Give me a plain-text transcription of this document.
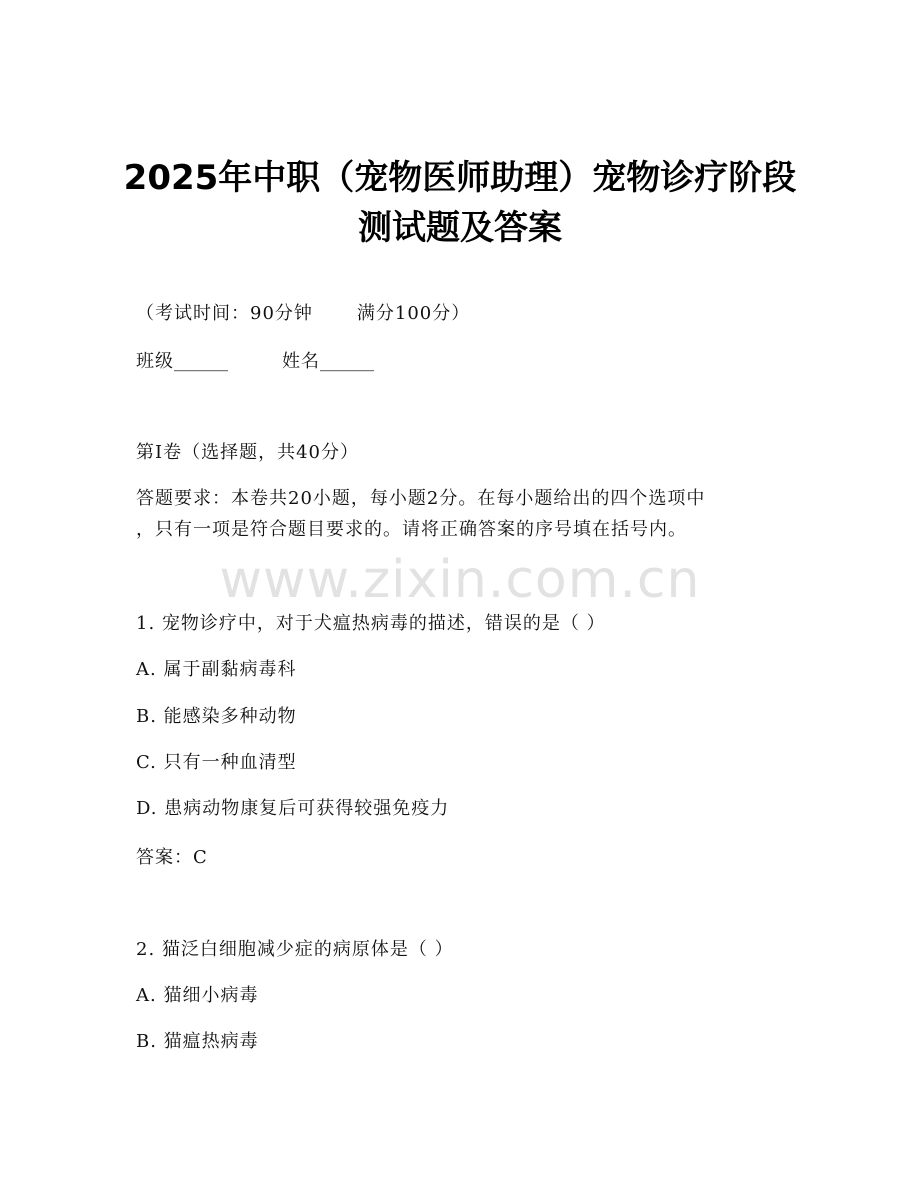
2025年中职（宠物医师助理）宠物诊疗阶段
测试题及答案
（考试时间：90分钟 满分100分）
班级______	姓名______
第Ⅰ卷（选择题，共40分）
答题要求：本卷共20小题，每小题2分。在每小题给出的四个选项中
，只有一项是符合题目要求的。请将正确答案的序号填在括号内。
www.zixin.com.cn
1. 宠物诊疗中，对于犬瘟热病毒的描述，错误的是（ ）
A. 属于副黏病毒科
B. 能感染多种动物
C. 只有一种血清型
D. 患病动物康复后可获得较强免疫力
答案：C
2. 猫泛白细胞减少症的病原体是（ ）
A. 猫细小病毒
B. 猫瘟热病毒
